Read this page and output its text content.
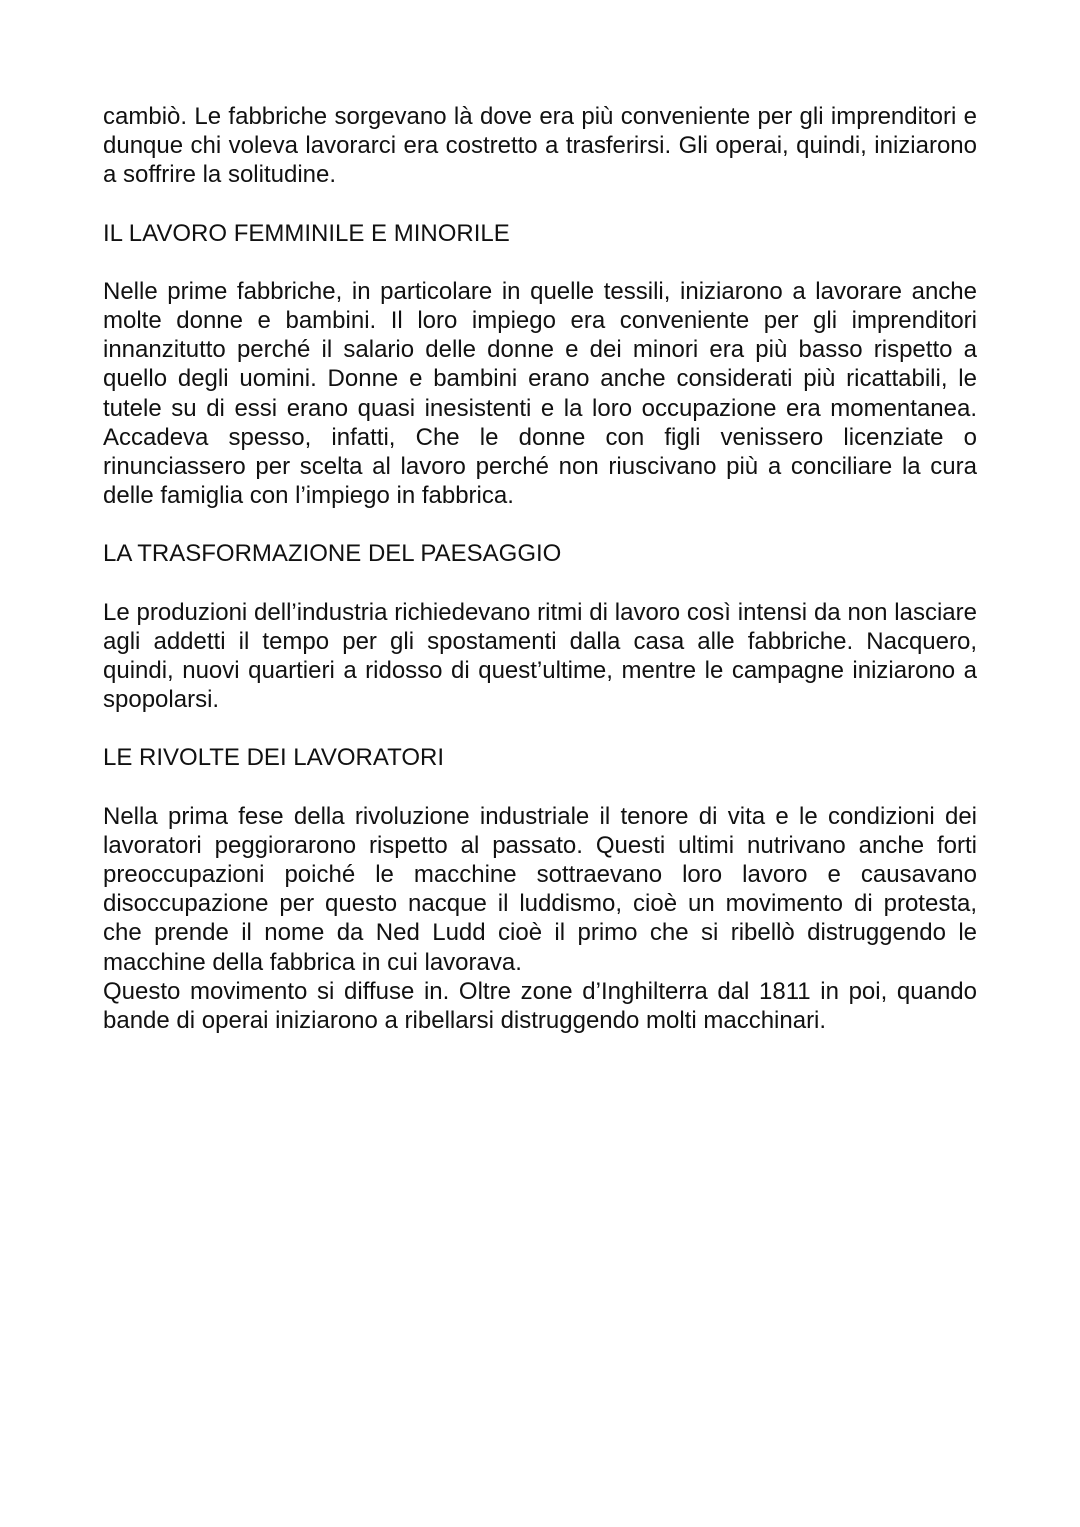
cambiò. Le fabbriche sorgevano là dove era più conveniente per gli imprenditori e dunque chi voleva lavorarci era costretto a trasferirsi. Gli operai, quindi, iniziarono a soffrire la solitudine.

IL LAVORO FEMMINILE E MINORILE

Nelle prime fabbriche, in particolare in quelle tessili, iniziarono a lavorare anche molte donne e bambini. Il loro impiego era conveniente per gli imprenditori innanzitutto perché il salario delle donne e dei minori era più basso rispetto a quello degli uomini. Donne e bambini erano anche considerati più ricattabili, le tutele su di essi erano quasi inesistenti e la loro occupazione era momentanea. Accadeva spesso, infatti, Che le donne con figli venissero licenziate o rinunciassero per scelta al lavoro perché non riuscivano più a conciliare la cura delle famiglia con l’impiego in fabbrica.

LA TRASFORMAZIONE DEL PAESAGGIO

Le produzioni dell’industria richiedevano ritmi di lavoro così intensi da non lasciare agli addetti il tempo per gli spostamenti dalla casa alle fabbriche. Nacquero, quindi, nuovi quartieri a ridosso di quest’ultime, mentre le campagne iniziarono a spopolarsi.

LE RIVOLTE DEI LAVORATORI

Nella prima fese della rivoluzione industriale il tenore di vita e le condizioni dei lavoratori peggiorarono rispetto al passato. Questi ultimi nutrivano anche forti preoccupazioni poiché le macchine sottraevano loro lavoro e causavano disoccupazione per questo nacque il luddismo, cioè un movimento di protesta, che prende il nome da Ned Ludd cioè il primo che si ribellò distruggendo le macchine della fabbrica in cui lavorava.

Questo movimento si diffuse in. Oltre zone d’Inghilterra dal 1811 in poi, quando bande di operai iniziarono a ribellarsi distruggendo molti macchinari.
